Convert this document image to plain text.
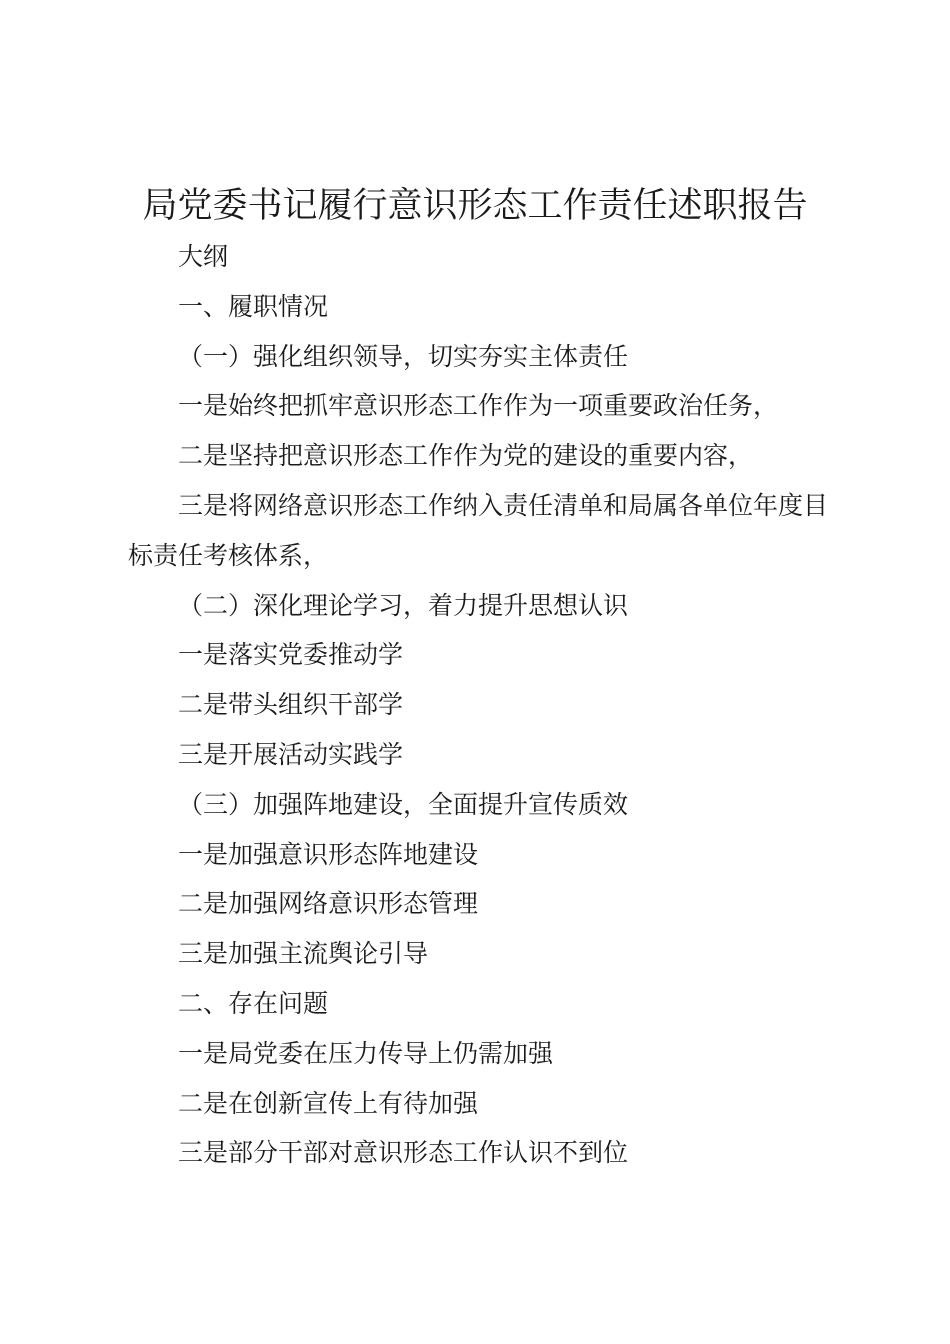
局党委书记履行意识形态工作责任述职报告

大纲

一、履职情况

（一）强化组织领导，切实夯实主体责任

一是始终把抓牢意识形态工作作为一项重要政治任务，

二是坚持把意识形态工作作为党的建设的重要内容，

三是将网络意识形态工作纳入责任清单和局属各单位年度目标责任考核体系，

（二）深化理论学习，着力提升思想认识

一是落实党委推动学

二是带头组织干部学

三是开展活动实践学

（三）加强阵地建设，全面提升宣传质效

一是加强意识形态阵地建设

二是加强网络意识形态管理

三是加强主流舆论引导

二、存在问题

一是局党委在压力传导上仍需加强

二是在创新宣传上有待加强

三是部分干部对意识形态工作认识不到位
